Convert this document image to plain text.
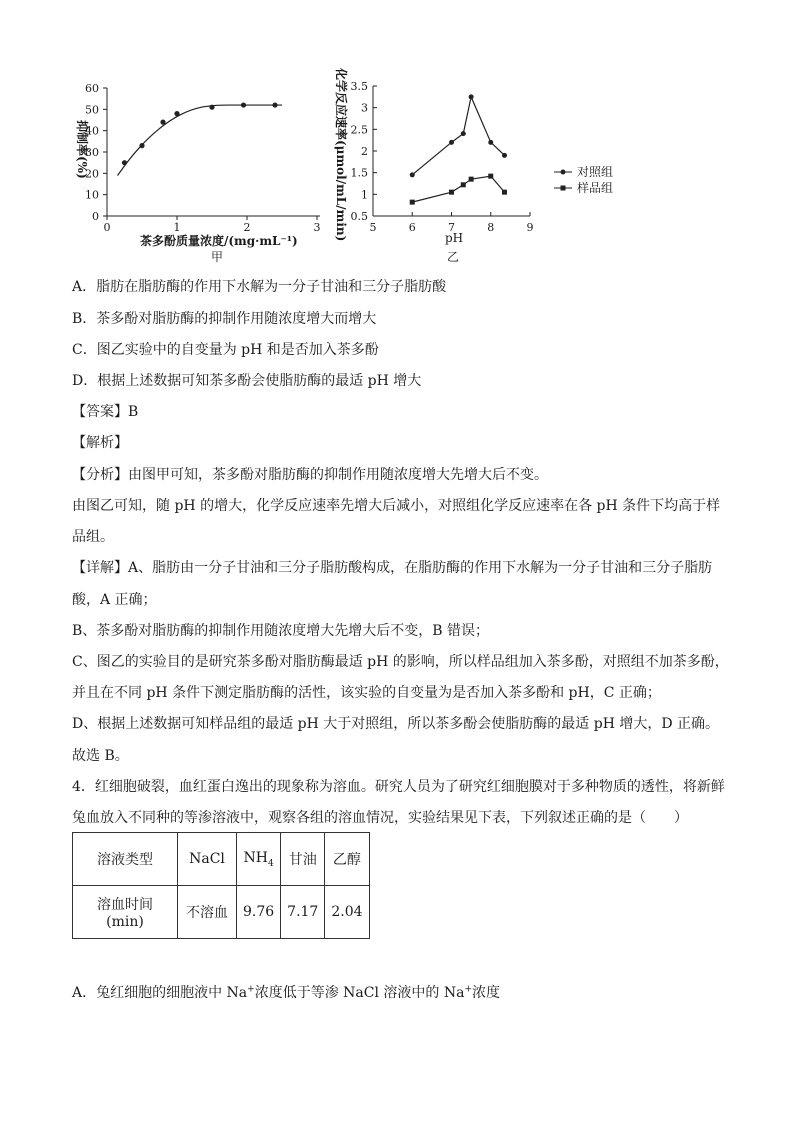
0
10
20
30
40
50
60
0	1	2	3
抑制率(%)
茶多酚质量浓度/(mg·mL⁻¹)
甲
0.5
1
1.5
2
2.5
3
3.5
5	6	7	8	9
化学反应速率(μmol/mL/min)	pH
乙
对照组
样品组
A．脂肪在脂肪酶的作用下水解为一分子甘油和三分子脂肪酸
B．茶多酚对脂肪酶的抑制作用随浓度增大而增大
C．图乙实验中的自变量为 pH 和是否加入茶多酚
D．根据上述数据可知茶多酚会使脂肪酶的最适 pH 增大
【答案】B
【解析】
【分析】由图甲可知，茶多酚对脂肪酶的抑制作用随浓度增大先增大后不变。
由图乙可知，随 pH 的增大，化学反应速率先增大后减小，对照组化学反应速率在各 pH 条件下均高于样
品组。
【详解】A、脂肪由一分子甘油和三分子脂肪酸构成，在脂肪酶的作用下水解为一分子甘油和三分子脂肪
酸，A 正确；
B、茶多酚对脂肪酶的抑制作用随浓度增大先增大后不变，B 错误；
C、图乙的实验目的是研究茶多酚对脂肪酶最适 pH 的影响，所以样品组加入茶多酚，对照组不加茶多酚，
并且在不同 pH 条件下测定脂肪酶的活性，该实验的自变量为是否加入茶多酚和 pH，C 正确；
D、根据上述数据可知样品组的最适 pH 大于对照组，所以茶多酚会使脂肪酶的最适 pH 增大，D 正确。
故选 B。
4．红细胞破裂，血红蛋白逸出的现象称为溶血。研究人员为了研究红细胞膜对于多种物质的透性，将新鲜
兔血放入不同种的等渗溶液中，观察各组的溶血情况，实验结果见下表，下列叙述正确的是（　　）
溶液类型	NaCl	$NH_4$	甘油	乙醇
溶血时间(min)	不溶血	9.76	7.17	2.04
A．兔红细胞的细胞液中 Na+浓度低于等渗 NaCl 溶液中的 Na+浓度
